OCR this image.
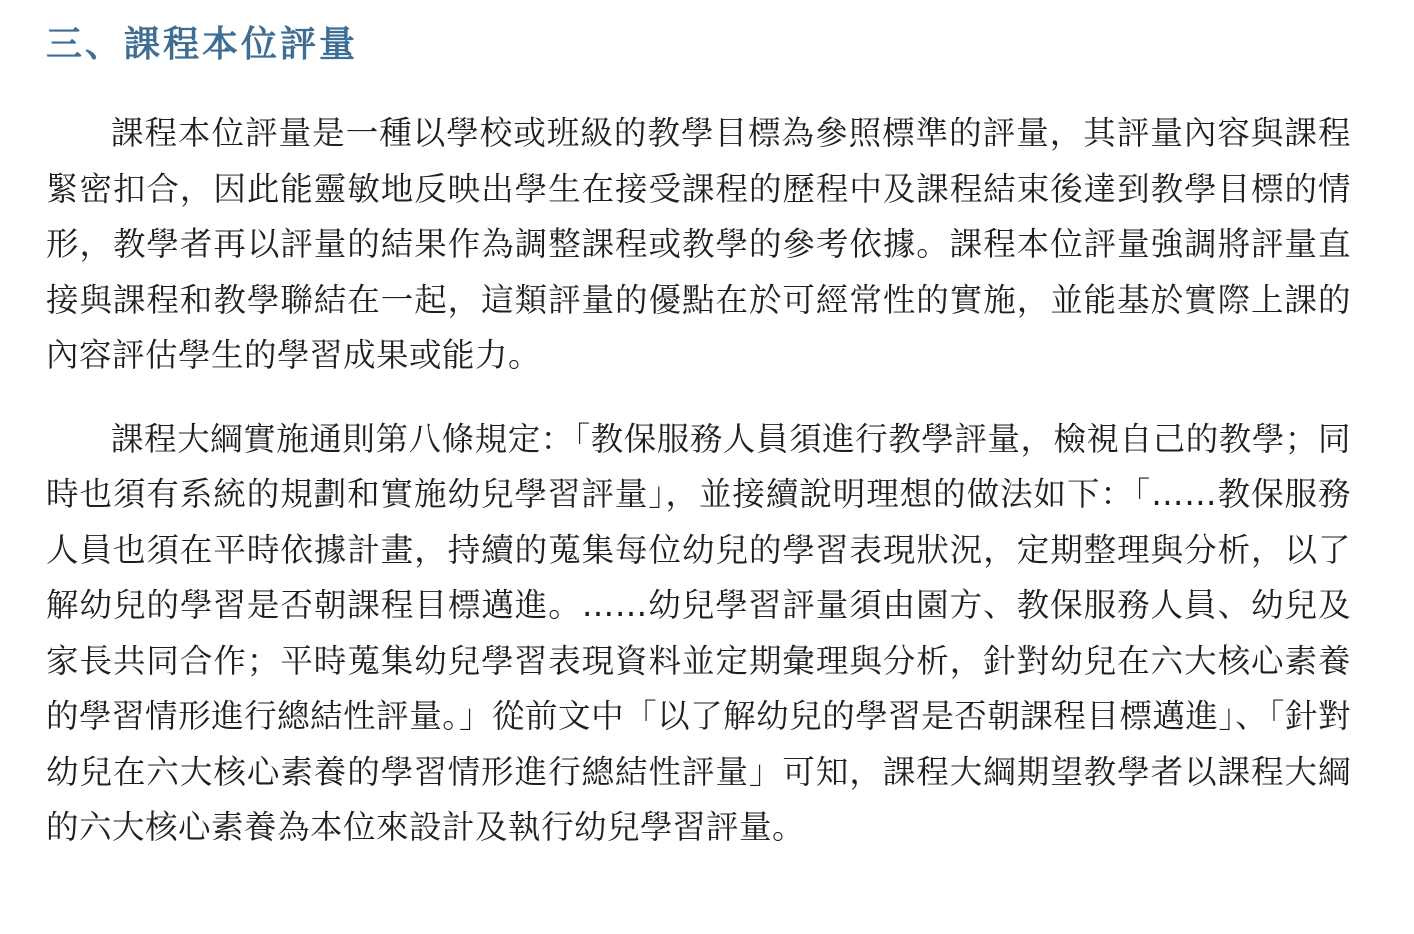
三、課程本位評量

課程本位評量是一種以學校或班級的教學目標為參照標準的評量，其評量內容與課程緊密扣合，因此能靈敏地反映出學生在接受課程的歷程中及課程結束後達到教學目標的情形，教學者再以評量的結果作為調整課程或教學的參考依據。課程本位評量強調將評量直接與課程和教學聯結在一起，這類評量的優點在於可經常性的實施，並能基於實際上課的內容評估學生的學習成果或能力。

課程大綱實施通則第八條規定：「教保服務人員須進行教學評量，檢視自己的教學；同時也須有系統的規劃和實施幼兒學習評量」，並接續說明理想的做法如下：「……教保服務人員也須在平時依據計畫，持續的蒐集每位幼兒的學習表現狀況，定期整理與分析，以了解幼兒的學習是否朝課程目標邁進。……幼兒學習評量須由園方、教保服務人員、幼兒及家長共同合作；平時蒐集幼兒學習表現資料並定期彙理與分析，針對幼兒在六大核心素養的學習情形進行總結性評量。」從前文中「以了解幼兒的學習是否朝課程目標邁進」、「針對幼兒在六大核心素養的學習情形進行總結性評量」可知，課程大綱期望教學者以課程大綱的六大核心素養為本位來設計及執行幼兒學習評量。
